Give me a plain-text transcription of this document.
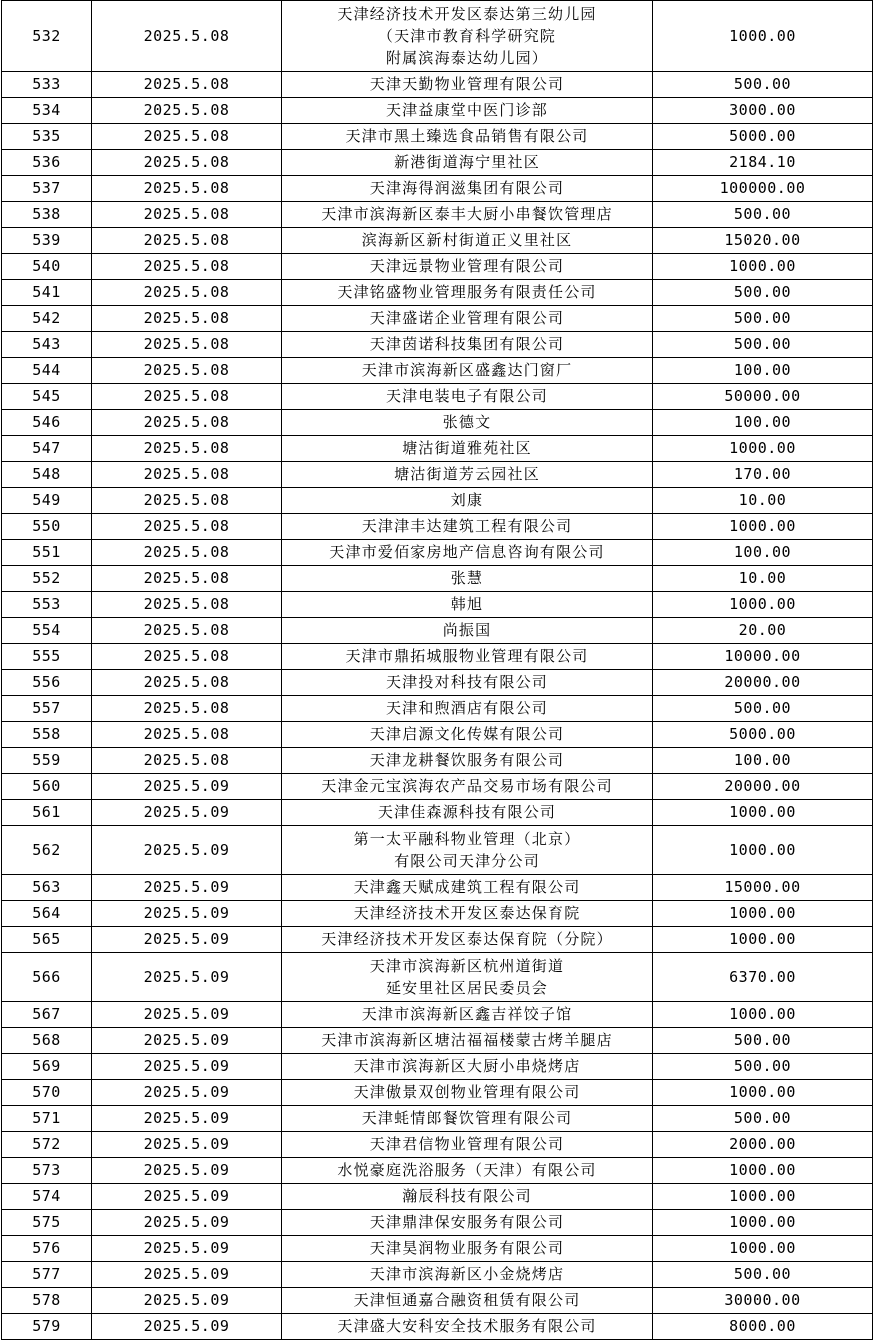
532	2025.5.08	天津经济技术开发区泰达第三幼儿园
（天津市教育科学研究院
附属滨海泰达幼儿园）	1000.00
533	2025.5.08	天津天勤物业管理有限公司	500.00
534	2025.5.08	天津益康堂中医门诊部	3000.00
535	2025.5.08	天津市黑土臻选食品销售有限公司	5000.00
536	2025.5.08	新港街道海宁里社区	2184.10
537	2025.5.08	天津海得润滋集团有限公司	100000.00
538	2025.5.08	天津市滨海新区泰丰大厨小串餐饮管理店	500.00
539	2025.5.08	滨海新区新村街道正义里社区	15020.00
540	2025.5.08	天津远景物业管理有限公司	1000.00
541	2025.5.08	天津铭盛物业管理服务有限责任公司	500.00
542	2025.5.08	天津盛诺企业管理有限公司	500.00
543	2025.5.08	天津茵诺科技集团有限公司	500.00
544	2025.5.08	天津市滨海新区盛鑫达门窗厂	100.00
545	2025.5.08	天津电装电子有限公司	50000.00
546	2025.5.08	张德文	100.00
547	2025.5.08	塘沽街道雅苑社区	1000.00
548	2025.5.08	塘沽街道芳云园社区	170.00
549	2025.5.08	刘康	10.00
550	2025.5.08	天津津丰达建筑工程有限公司	1000.00
551	2025.5.08	天津市爱佰家房地产信息咨询有限公司	100.00
552	2025.5.08	张慧	10.00
553	2025.5.08	韩旭	1000.00
554	2025.5.08	尚振国	20.00
555	2025.5.08	天津市鼎拓城服物业管理有限公司	10000.00
556	2025.5.08	天津投对科技有限公司	20000.00
557	2025.5.08	天津和煦酒店有限公司	500.00
558	2025.5.08	天津启源文化传媒有限公司	5000.00
559	2025.5.08	天津龙耕餐饮服务有限公司	100.00
560	2025.5.09	天津金元宝滨海农产品交易市场有限公司	20000.00
561	2025.5.09	天津佳森源科技有限公司	1000.00
562	2025.5.09	第一太平融科物业管理（北京）
有限公司天津分公司	1000.00
563	2025.5.09	天津鑫天赋成建筑工程有限公司	15000.00
564	2025.5.09	天津经济技术开发区泰达保育院	1000.00
565	2025.5.09	天津经济技术开发区泰达保育院（分院）	1000.00
566	2025.5.09	天津市滨海新区杭州道街道
延安里社区居民委员会	6370.00
567	2025.5.09	天津市滨海新区鑫吉祥饺子馆	1000.00
568	2025.5.09	天津市滨海新区塘沽福福楼蒙古烤羊腿店	500.00
569	2025.5.09	天津市滨海新区大厨小串烧烤店	500.00
570	2025.5.09	天津傲景双创物业管理有限公司	1000.00
571	2025.5.09	天津蚝情郎餐饮管理有限公司	500.00
572	2025.5.09	天津君信物业管理有限公司	2000.00
573	2025.5.09	水悦豪庭洗浴服务（天津）有限公司	1000.00
574	2025.5.09	瀚辰科技有限公司	1000.00
575	2025.5.09	天津鼎津保安服务有限公司	1000.00
576	2025.5.09	天津昊润物业服务有限公司	1000.00
577	2025.5.09	天津市滨海新区小金烧烤店	500.00
578	2025.5.09	天津恒通嘉合融资租赁有限公司	30000.00
579	2025.5.09	天津盛大安科安全技术服务有限公司	8000.00
